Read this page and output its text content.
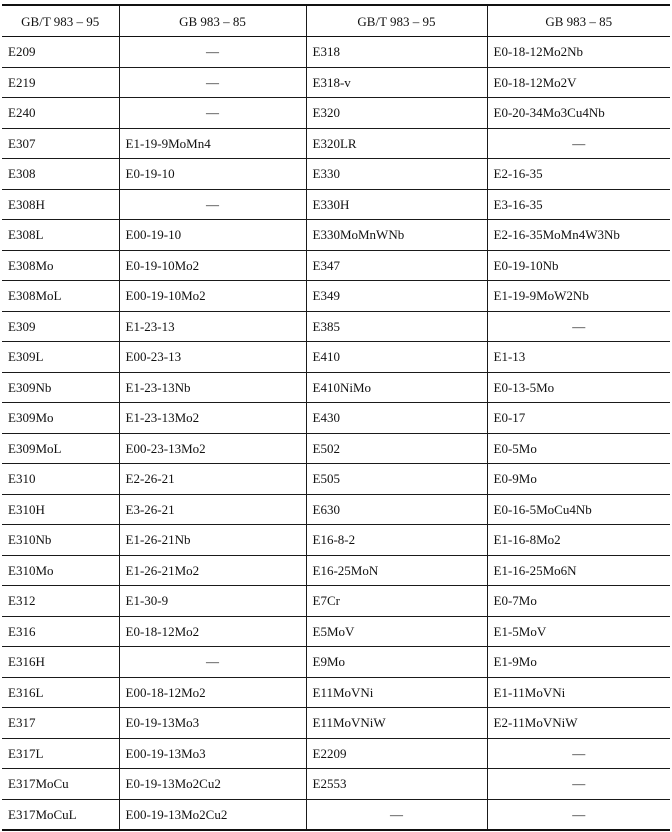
GB/T 983 – 95	GB 983 – 85	GB/T 983 – 95	GB 983 – 85
E209	—	E318	E0-18-12Mo2Nb
E219	—	E318-v	E0-18-12Mo2V
E240	—	E320	E0-20-34Mo3Cu4Nb
E307	E1-19-9MoMn4	E320LR	—
E308	E0-19-10	E330	E2-16-35
E308H	—	E330H	E3-16-35
E308L	E00-19-10	E330MoMnWNb	E2-16-35MoMn4W3Nb
E308Mo	E0-19-10Mo2	E347	E0-19-10Nb
E308MoL	E00-19-10Mo2	E349	E1-19-9MoW2Nb
E309	E1-23-13	E385	—
E309L	E00-23-13	E410	E1-13
E309Nb	E1-23-13Nb	E410NiMo	E0-13-5Mo
E309Mo	E1-23-13Mo2	E430	E0-17
E309MoL	E00-23-13Mo2	E502	E0-5Mo
E310	E2-26-21	E505	E0-9Mo
E310H	E3-26-21	E630	E0-16-5MoCu4Nb
E310Nb	E1-26-21Nb	E16-8-2	E1-16-8Mo2
E310Mo	E1-26-21Mo2	E16-25MoN	E1-16-25Mo6N
E312	E1-30-9	E7Cr	E0-7Mo
E316	E0-18-12Mo2	E5MoV	E1-5MoV
E316H	—	E9Mo	E1-9Mo
E316L	E00-18-12Mo2	E11MoVNi	E1-11MoVNi
E317	E0-19-13Mo3	E11MoVNiW	E2-11MoVNiW
E317L	E00-19-13Mo3	E2209	—
E317MoCu	E0-19-13Mo2Cu2	E2553	—
E317MoCuL	E00-19-13Mo2Cu2	—	—
